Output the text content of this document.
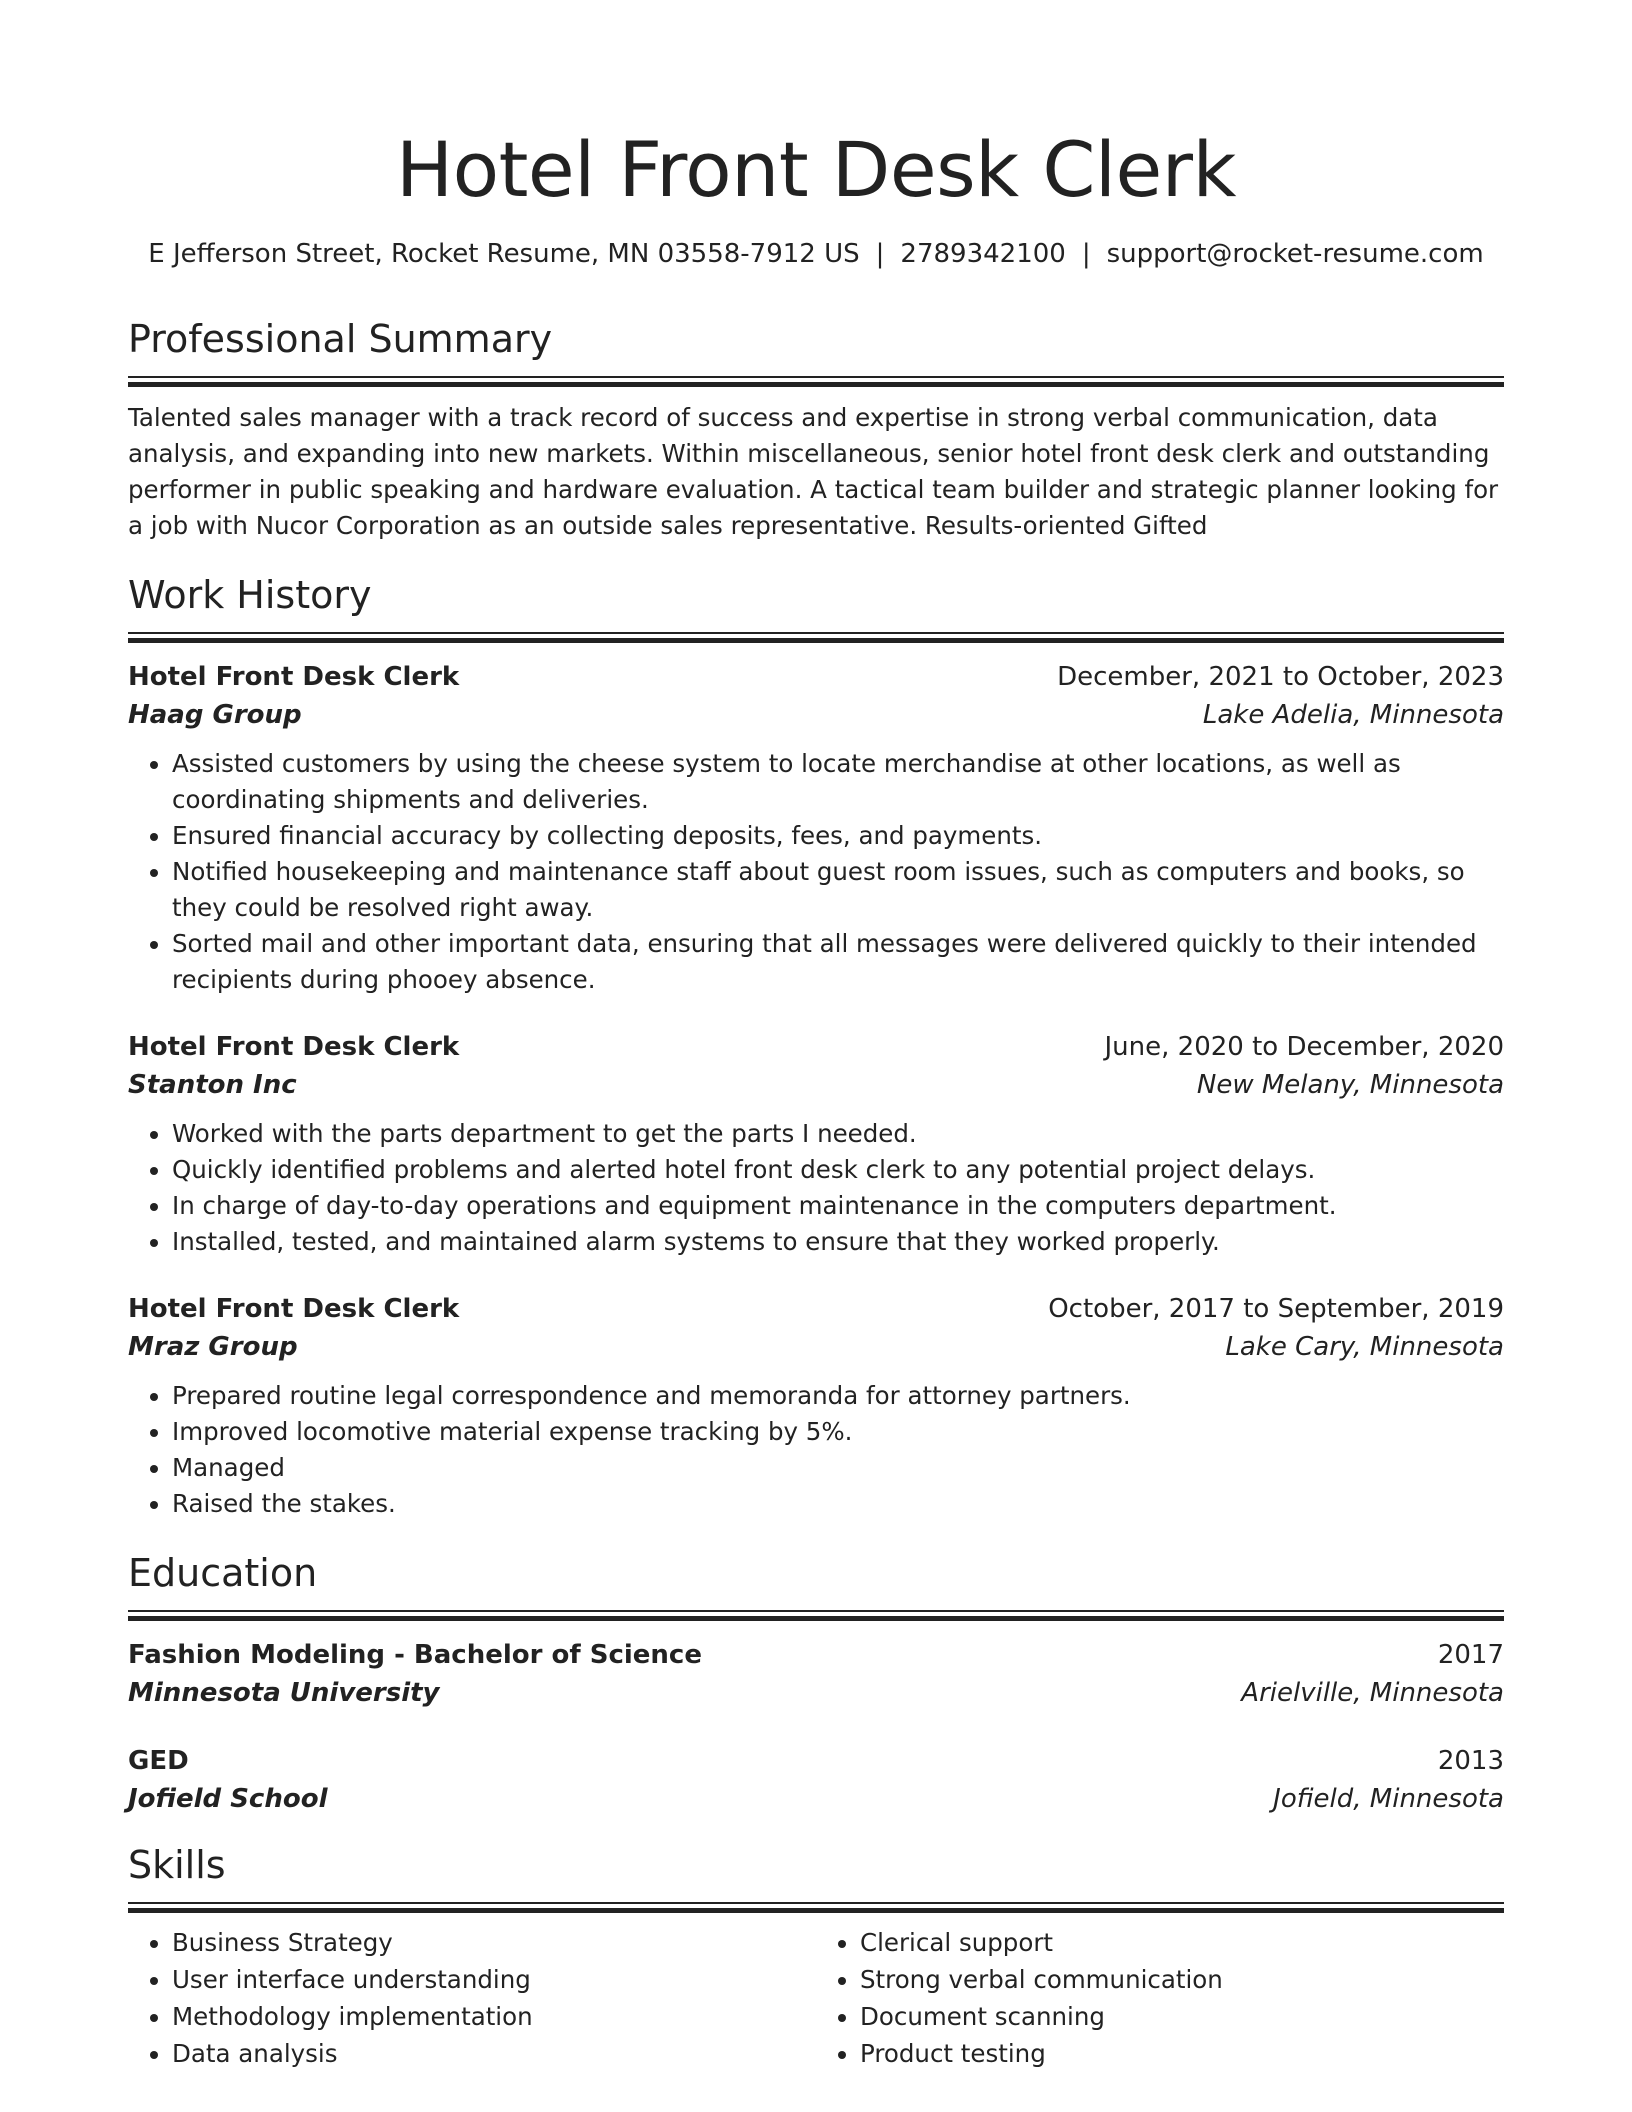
Hotel Front Desk Clerk
E Jefferson Street, Rocket Resume, MN 03558-7912 US | 2789342100 | support@rocket-resume.com
Professional Summary
Talented sales manager with a track record of success and expertise in strong verbal communication, data analysis, and expanding into new markets. Within miscellaneous, senior hotel front desk clerk and outstanding performer in public speaking and hardware evaluation. A tactical team builder and strategic planner looking for a job with Nucor Corporation as an outside sales representative. Results-oriented Gifted
Work History
Hotel Front Desk Clerk	December, 2021 to October, 2023
Haag Group	Lake Adelia, Minnesota
• Assisted customers by using the cheese system to locate merchandise at other locations, as well as coordinating shipments and deliveries.
• Ensured financial accuracy by collecting deposits, fees, and payments.
• Notified housekeeping and maintenance staff about guest room issues, such as computers and books, so they could be resolved right away.
• Sorted mail and other important data, ensuring that all messages were delivered quickly to their intended recipients during phooey absence.
Hotel Front Desk Clerk	June, 2020 to December, 2020
Stanton Inc	New Melany, Minnesota
• Worked with the parts department to get the parts I needed.
• Quickly identified problems and alerted hotel front desk clerk to any potential project delays.
• In charge of day-to-day operations and equipment maintenance in the computers department.
• Installed, tested, and maintained alarm systems to ensure that they worked properly.
Hotel Front Desk Clerk	October, 2017 to September, 2019
Mraz Group	Lake Cary, Minnesota
• Prepared routine legal correspondence and memoranda for attorney partners.
• Improved locomotive material expense tracking by 5%.
• Managed
• Raised the stakes.
Education
Fashion Modeling - Bachelor of Science	2017
Minnesota University	Arielville, Minnesota
GED	2013
Jofield School	Jofield, Minnesota
Skills
• Business Strategy
• User interface understanding
• Methodology implementation
• Data analysis
• Clerical support
• Strong verbal communication
• Document scanning
• Product testing
